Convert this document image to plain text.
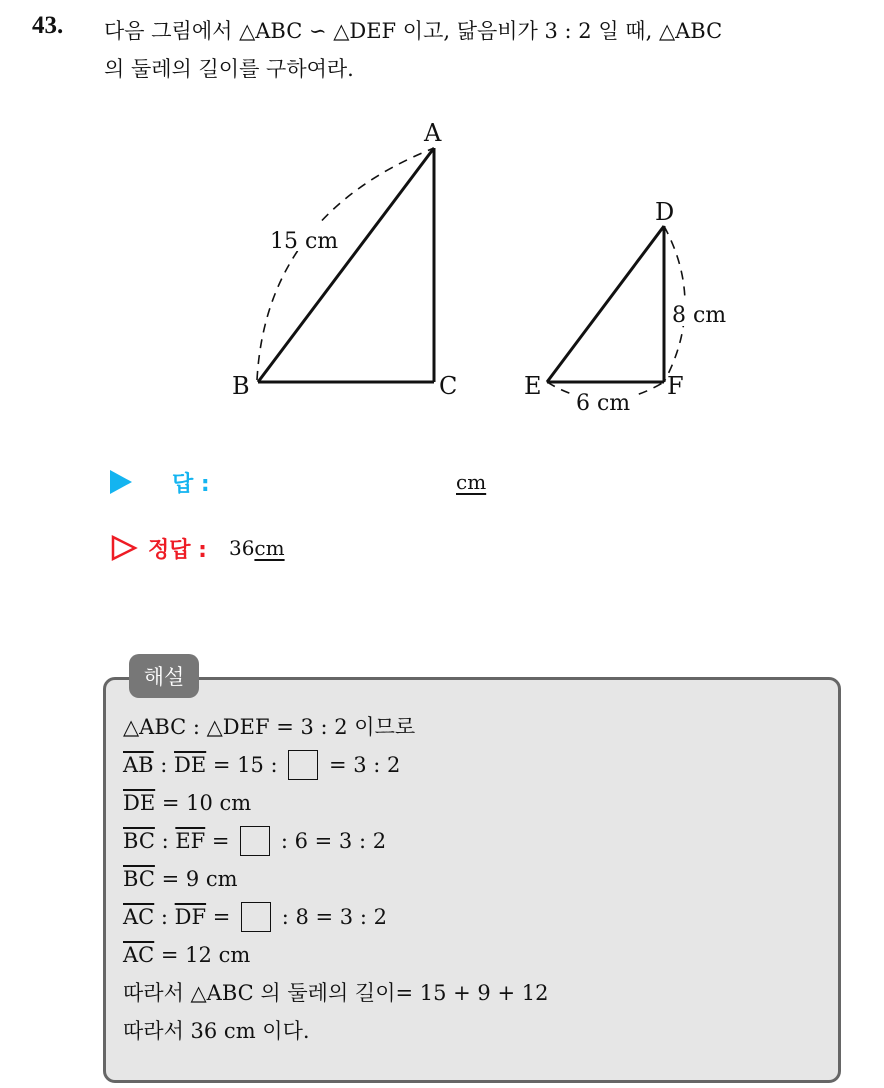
43. 다음 그림에서 △ABC ∽ △DEF 이고, 닮음비가 3 : 2 일 때, △ABC
의 둘레의 길이를 구하여라.
A
B	C
D
E	F
15 cm
8 cm
6 cm
답 :	cm
정답 : 36cm
해설
△ABC : △DEF = 3 : 2 이므로
$\overline{AB}$ : $\overline{DE} = 15$ : = 3 : 2
$\overline{DE} = 10$ cm
$\overline{BC}$ : $\overline{EF}$ = : 6 = 3 : 2
$\overline{BC} = 9$ cm
$\overline{AC}$ : $\overline{DF}$ = : 8 = 3 : 2
$\overline{AC} = 12$ cm
따라서 △ABC 의 둘레의 길이= 15 + 9 + 12
따라서 36 cm 이다.
